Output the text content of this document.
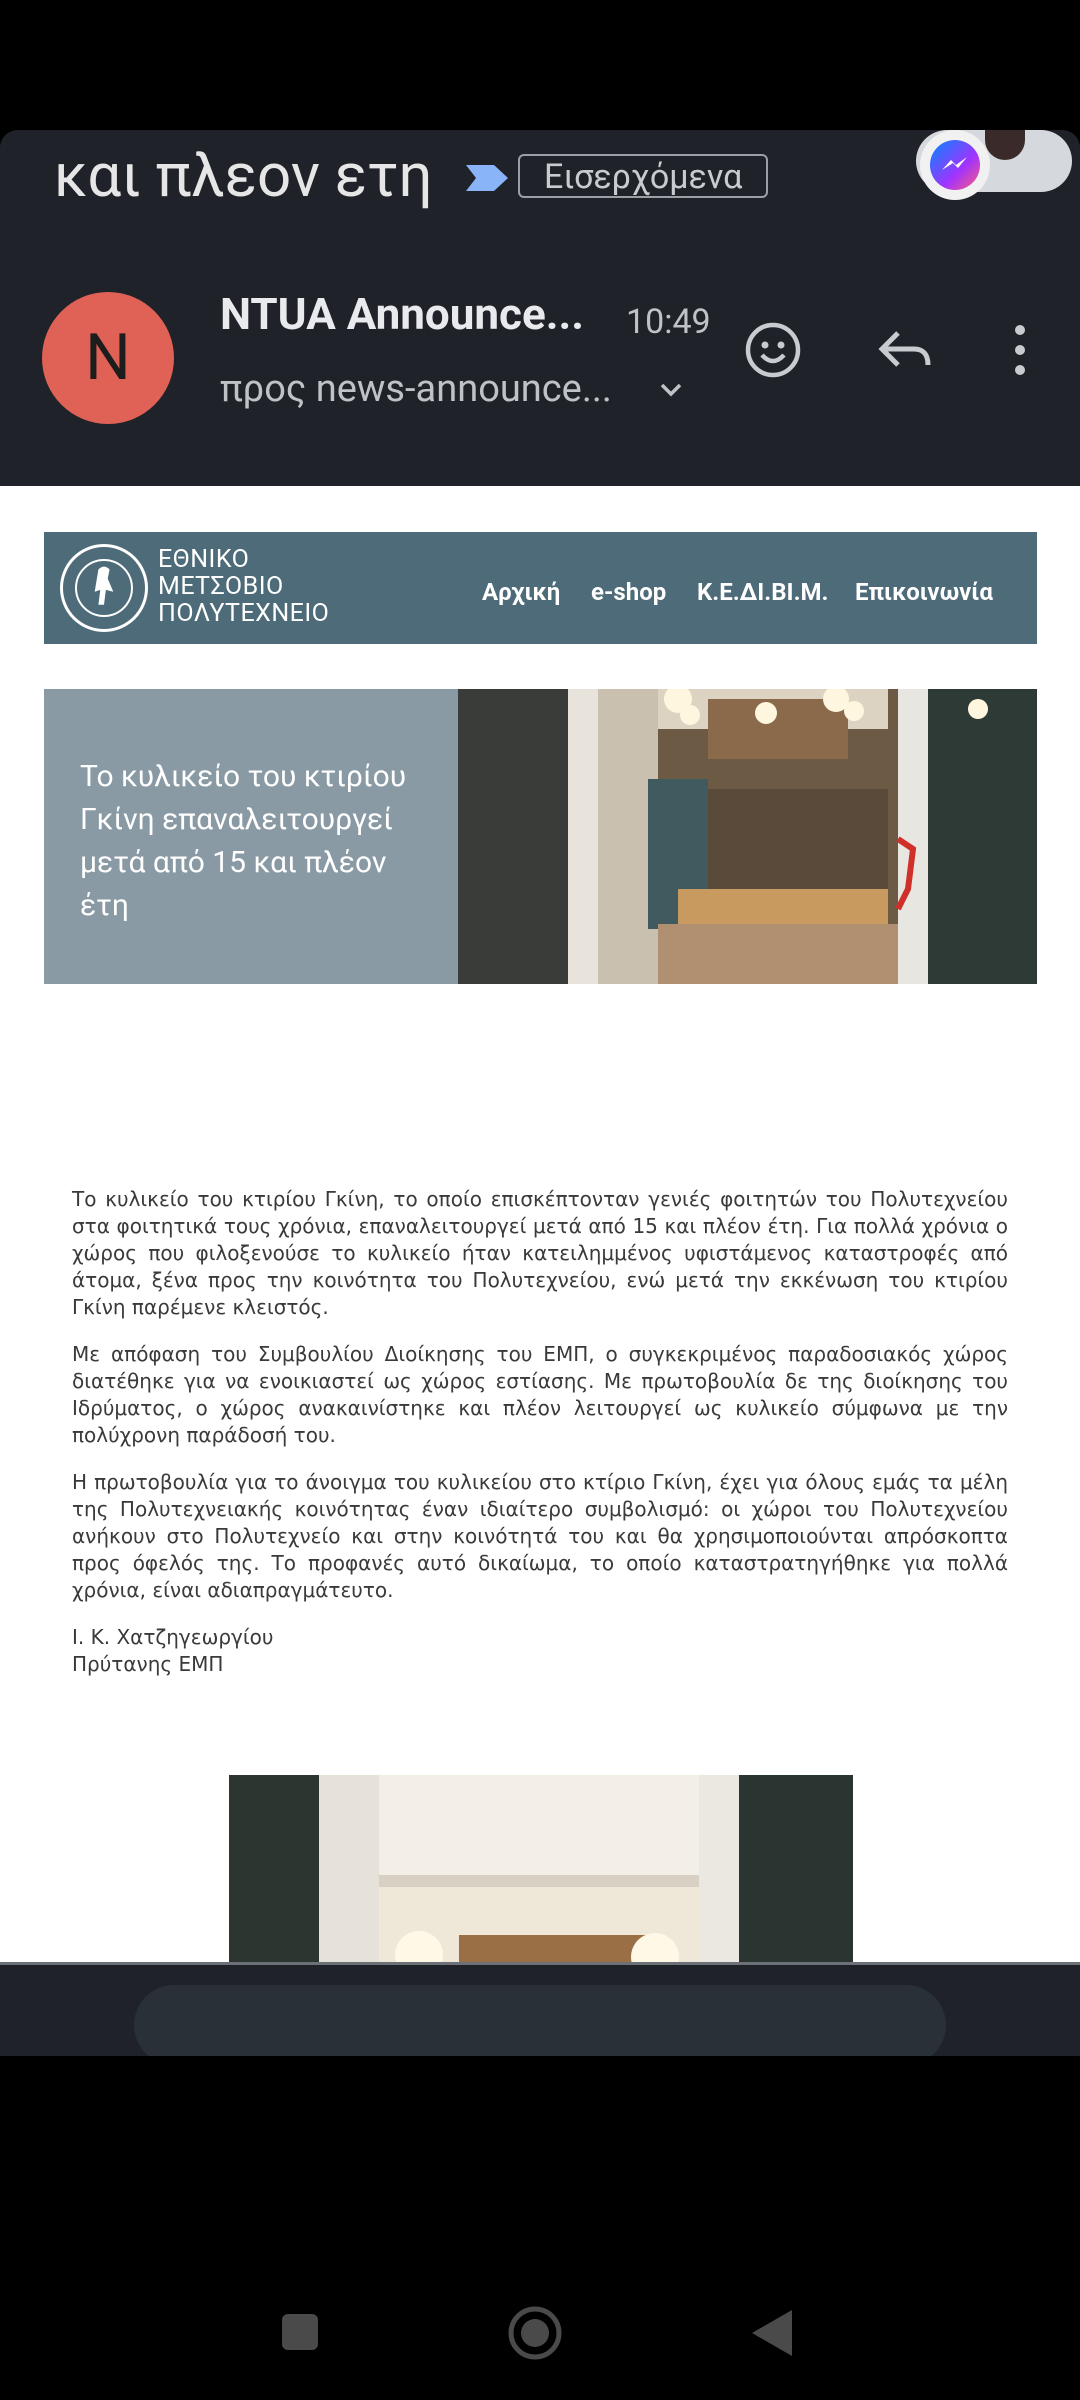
και πλεον ετη	Εισερχόμενα
N
NTUA Announce... 10:49
προς news-announce...
ΕΘΝΙΚΟ
ΜΕΤΣΟΒΙΟ
ΠΟΛΥΤΕΧΝΕΙΟ
Αρχική e-shop Κ.Ε.ΔΙ.ΒΙ.Μ. Επικοινωνία
Το κυλικείο του κτιρίου Γκίνη επαναλειτουργεί μετά από 15 και πλέον έτη

Το κυλικείο του κτιρίου Γκίνη, το οποίο επισκέπτονταν γενιές φοιτητών του Πολυτεχνείου στα φοιτητικά τους χρόνια, επαναλειτουργεί μετά από 15 και πλέον έτη. Για πολλά χρόνια ο χώρος που φιλοξενούσε το κυλικείο ήταν κατειλημμένος υφιστάμενος καταστροφές από άτομα, ξένα προς την κοινότητα του Πολυτεχνείου, ενώ μετά την εκκένωση του κτιρίου Γκίνη παρέμενε κλειστός.

Με απόφαση του Συμβουλίου Διοίκησης του ΕΜΠ, ο συγκεκριμένος παραδοσιακός χώρος διατέθηκε για να ενοικιαστεί ως χώρος εστίασης. Με πρωτοβουλία δε της διοίκησης του Ιδρύματος, ο χώρος ανακαινίστηκε και πλέον λειτουργεί ως κυλικείο σύμφωνα με την πολύχρονη παράδοσή του.

Η πρωτοβουλία για το άνοιγμα του κυλικείου στο κτίριο Γκίνη, έχει για όλους εμάς τα μέλη της Πολυτεχνειακής κοινότητας έναν ιδιαίτερο συμβολισμό: οι χώροι του Πολυτεχνείου ανήκουν στο Πολυτεχνείο και στην κοινότητά του και θα χρησιμοποιούνται απρόσκοπτα προς όφελός της. Το προφανές αυτό δικαίωμα, το οποίο καταστρατηγήθηκε για πολλά χρόνια, είναι αδιαπραγμάτευτο.

Ι. Κ. Χατζηγεωργίου

Πρύτανης ΕΜΠ
